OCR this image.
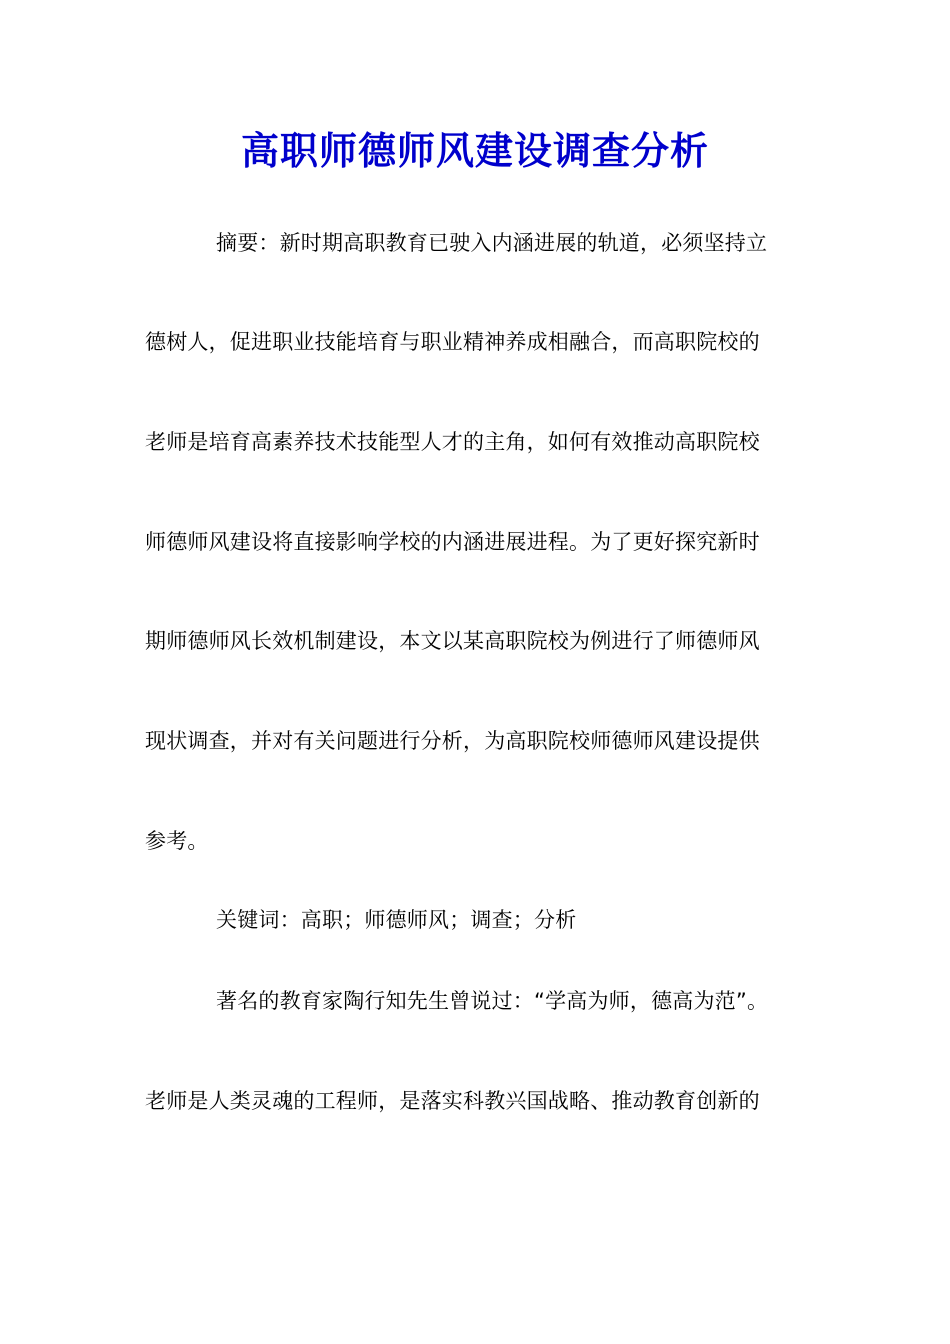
高职师德师风建设调查分析
摘要：新时期高职教育已驶入内涵进展的轨道，必须坚持立
德树人，促进职业技能培育与职业精神养成相融合，而高职院校的
老师是培育高素养技术技能型人才的主角，如何有效推动高职院校
师德师风建设将直接影响学校的内涵进展进程。为了更好探究新时
期师德师风长效机制建设，本文以某高职院校为例进行了师德师风
现状调查，并对有关问题进行分析，为高职院校师德师风建设提供
参考。
关键词：高职；师德师风；调查；分析
著名的教育家陶行知先生曾说过：“学高为师，德高为范”。
老师是人类灵魂的工程师，是落实科教兴国战略、推动教育创新的
